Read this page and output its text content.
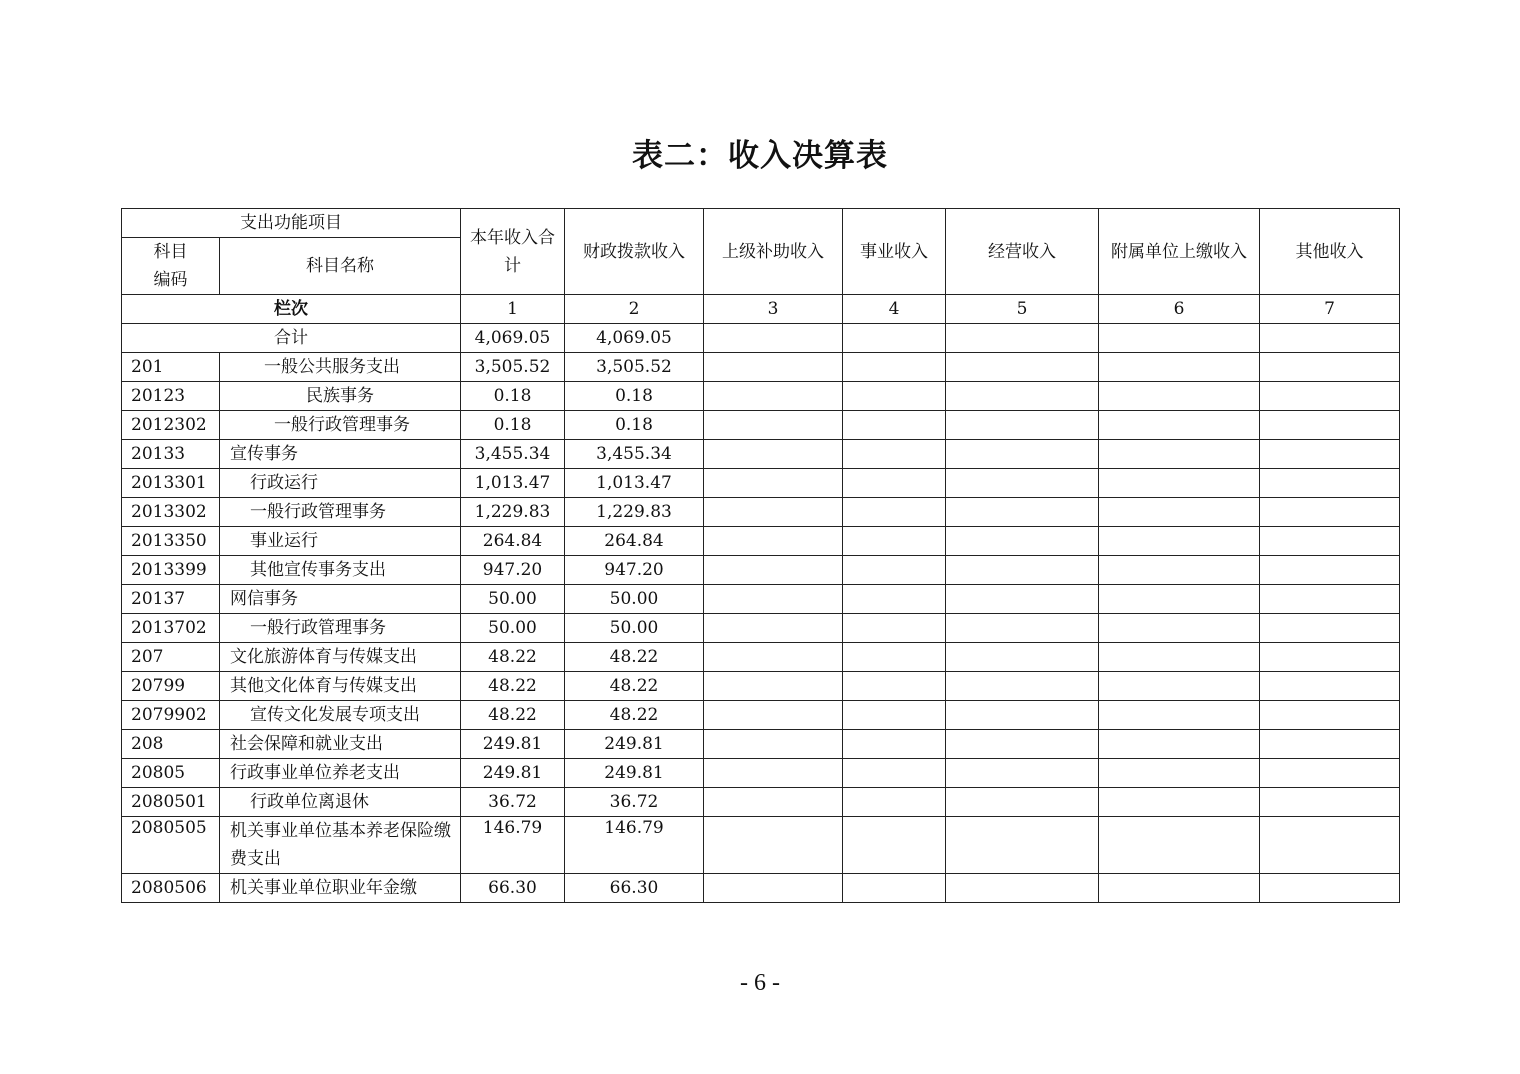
表二：收入决算表
支出功能项目		本年收入合计	财政拨款收入	上级补助收入	事业收入	经营收入	附属单位上缴收入	其他收入
科目
编码	科目名称							
栏次		1	2	3	4	5	6	7
合计		4,069.05	4,069.05					
201	一般公共服务支出	3,505.52	3,505.52					
20123	民族事务	0.18	0.18					
2012302	一般行政管理事务	0.18	0.18					
20133	宣传事务	3,455.34	3,455.34					
2013301	行政运行	1,013.47	1,013.47					
2013302	一般行政管理事务	1,229.83	1,229.83					
2013350	事业运行	264.84	264.84					
2013399	其他宣传事务支出	947.20	947.20					
20137	网信事务	50.00	50.00					
2013702	一般行政管理事务	50.00	50.00					
207	文化旅游体育与传媒支出	48.22	48.22					
20799	其他文化体育与传媒支出	48.22	48.22					
2079902	宣传文化发展专项支出	48.22	48.22					
208	社会保障和就业支出	249.81	249.81					
20805	行政事业单位养老支出	249.81	249.81					
2080501	行政单位离退休	36.72	36.72					
2080505	机关事业单位基本养老保险缴费支出	146.79	146.79					
2080506	机关事业单位职业年金缴	66.30	66.30					
- 6 -
